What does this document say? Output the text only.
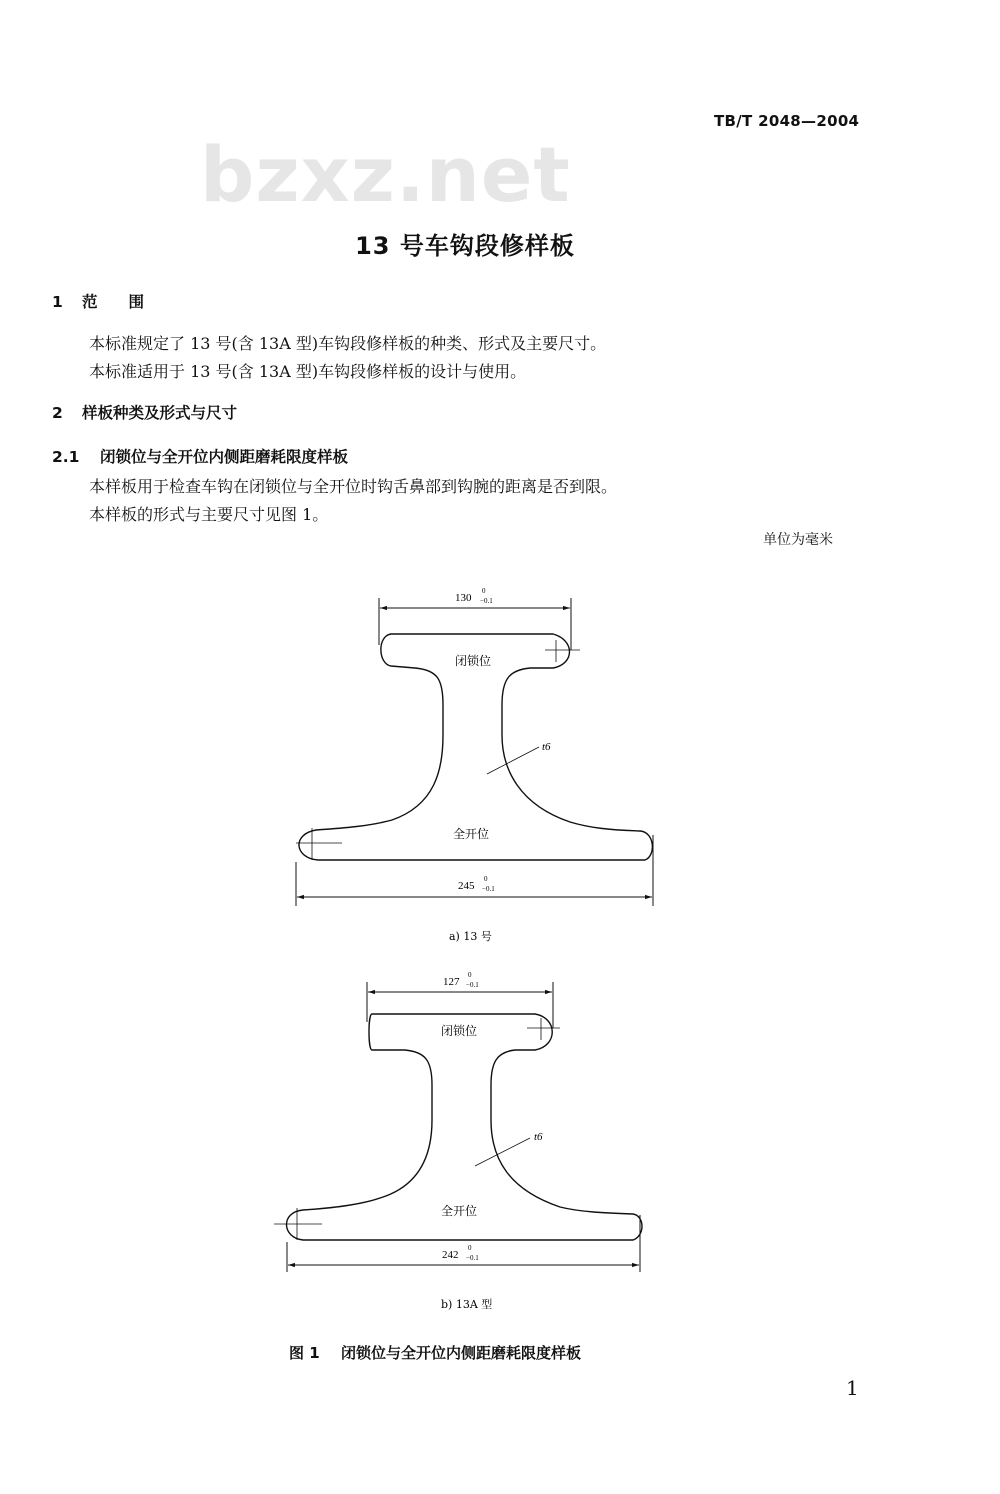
TB/T 2048—2004
bzxz.net
13 号车钩段修样板
1 范　　围
本标准规定了 13 号(含 13A 型)车钩段修样板的种类、形式及主要尺寸。
本标准适用于 13 号(含 13A 型)车钩段修样板的设计与使用。
2 样板种类及形式与尺寸
2.1 闭锁位与全开位内侧距磨耗限度样板
本样板用于检查车钩在闭锁位与全开位时钩舌鼻部到钩腕的距离是否到限。
本样板的形式与主要尺寸见图 1。
单位为毫米
130
0
−0.1
闭锁位
全开位
t6
245
0
−0.1
a) 13 号
127
0
−0.1
闭锁位
全开位
t6
242
0
−0.1
b) 13A 型
图 1 闭锁位与全开位内侧距磨耗限度样板
1
